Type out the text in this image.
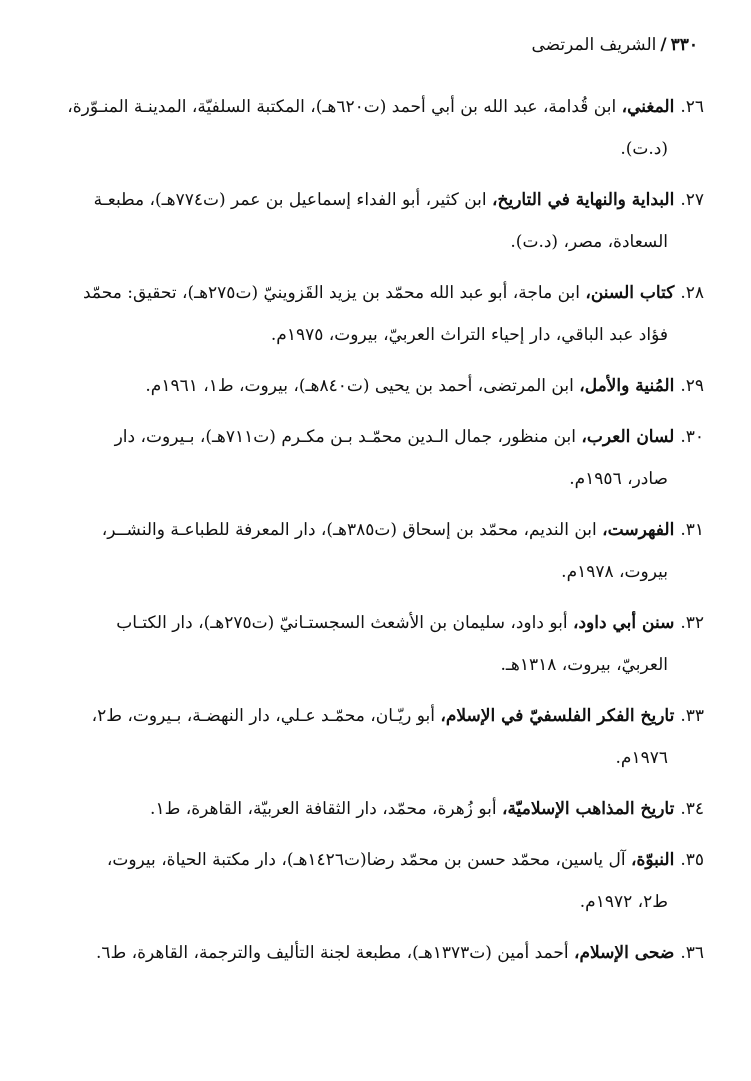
٣٣٠/الشريف المرتضى
٢٦.المغني، ابن قُدامة، عبد الله بن أبي أحمد (ت٦٢٠هـ)، المكتبة السلفيّة، المدينـة المنـوّرة،
(د.ت).
٢٧.البداية والنهاية في التاريخ، ابن كثير، أبو الفداء إسماعيل بن عمر (ت٧٧٤هـ)، مطبعـة
السعادة، مصر، (د.ت).
٢٨.كتاب السنن، ابن ماجة، أبو عبد الله محمّد بن يزيد القَزوينيّ (ت٢٧٥هـ)، تحقيق: محمّد
فؤاد عبد الباقي، دار إحياء التراث العربيّ، بيروت، ١٩٧٥م.
٢٩.المُنية والأمل، ابن المرتضى، أحمد بن يحيى (ت٨٤٠هـ)، بيروت، ط١، ١٩٦١م.
٣٠.لسان العرب، ابن منظور، جمال الـدين محمّـد بـن مكـرم (ت٧١١هـ)، بـيروت، دار
صادر، ١٩٥٦م.
٣١.الفهرست، ابن النديم، محمّد بن إسحاق (ت٣٨٥هـ)، دار المعرفة للطباعـة والنشــر،
بيروت، ١٩٧٨م.
٣٢.سنن أبي داود، أبو داود، سليمان بن الأشعث السجستـانيّ (ت٢٧٥هـ)، دار الكتـاب
العربيّ، بيروت، ١٣١٨هـ.
٣٣.تاريخ الفكر الفلسفيّ في الإسلام، أبو ريّـان، محمّـد عـلي، دار النهضـة، بـيروت، ط٢،
١٩٧٦م.
٣٤.تاريخ المذاهب الإسلاميّة، أبو زُهرة، محمّد، دار الثقافة العربيّة، القاهرة، ط١.
٣٥.النبوّة، آل ياسين، محمّد حسن بن محمّد رضا(ت١٤٢٦هـ)، دار مكتبة الحياة، بيروت،
ط٢، ١٩٧٢م.
٣٦.ضحى الإسلام، أحمد أمين (ت١٣٧٣هـ)، مطبعة لجنة التأليف والترجمة، القاهرة، ط٦.
